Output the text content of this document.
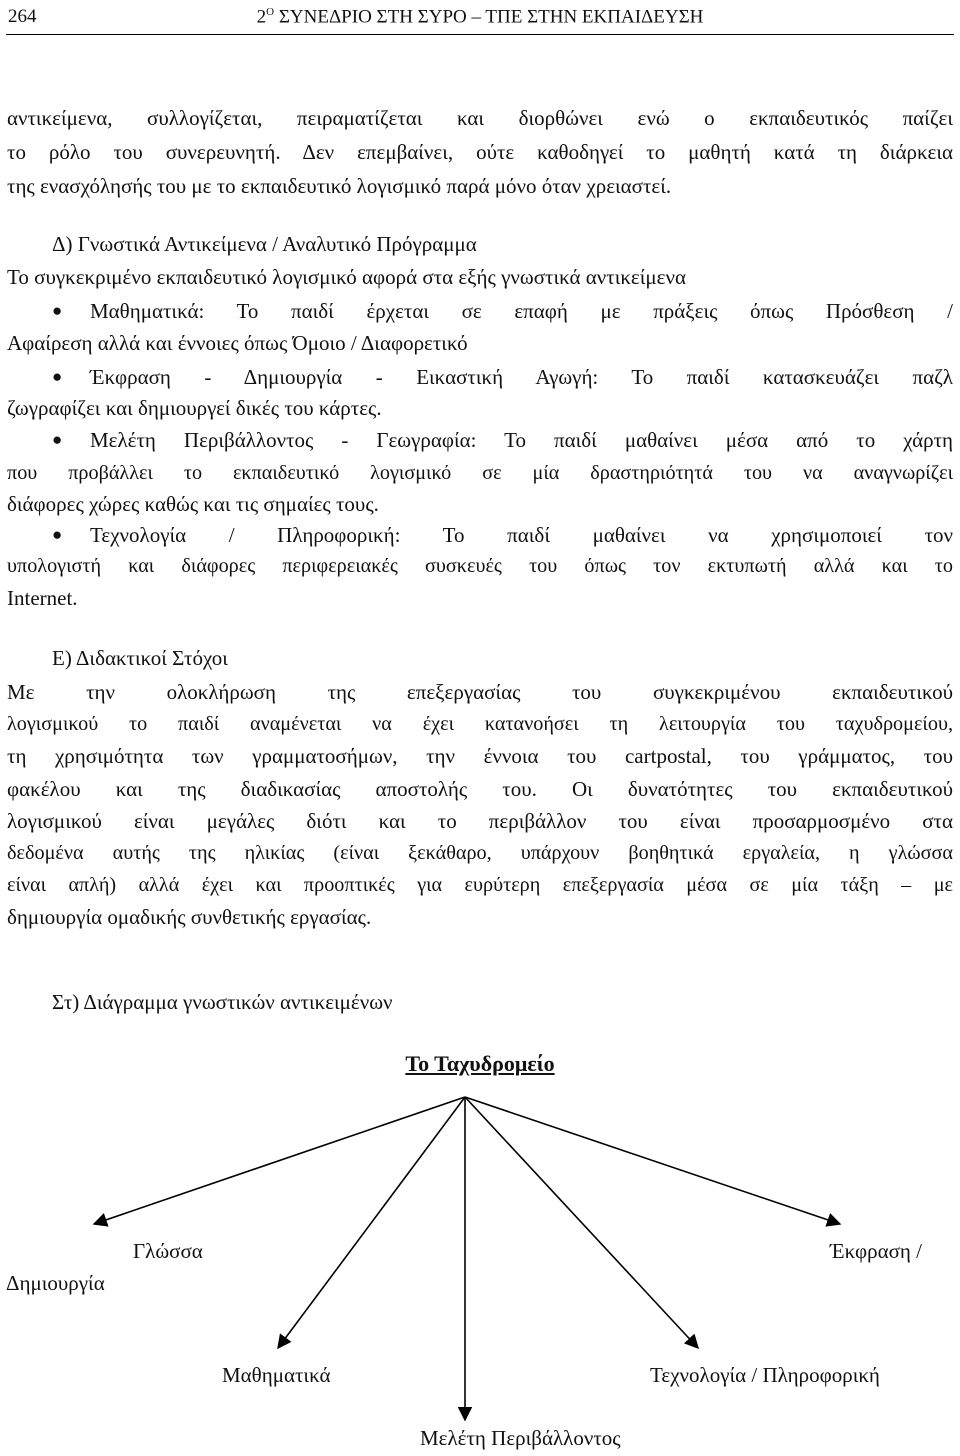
264	$2^O$ ΣΥΝΕΔΡΙΟ ΣΤΗ ΣΥΡΟ – ΤΠΕ ΣΤΗΝ ΕΚΠΑΙΔΕΥΣΗ
αντικείμενα, συλλογίζεται, πειραματίζεται και διορθώνει ενώ ο εκπαιδευτικός παίζει
το ρόλο του συνερευνητή. Δεν επεμβαίνει, ούτε καθοδηγεί το μαθητή κατά τη διάρκεια
της ενασχόλησής του με το εκπαιδευτικό λογισμικό παρά μόνο όταν χρειαστεί.
Δ) Γνωστικά Αντικείμενα / Αναλυτικό Πρόγραμμα
Το συγκεκριμένο εκπαιδευτικό λογισμικό αφορά στα εξής γνωστικά αντικείμενα
● Μαθηματικά: Το παιδί έρχεται σε επαφή με πράξεις όπως Πρόσθεση /
Αφαίρεση αλλά και έννοιες όπως Όμοιο / Διαφορετικό
● Έκφραση - Δημιουργία - Εικαστική Αγωγή: Το παιδί κατασκευάζει παζλ
ζωγραφίζει και δημιουργεί δικές του κάρτες.
● Μελέτη Περιβάλλοντος - Γεωγραφία: Το παιδί μαθαίνει μέσα από το χάρτη
που προβάλλει το εκπαιδευτικό λογισμικό σε μία δραστηριότητά του να αναγνωρίζει
διάφορες χώρες καθώς και τις σημαίες τους.
● Τεχνολογία / Πληροφορική: Το παιδί μαθαίνει να χρησιμοποιεί τον
υπολογιστή και διάφορες περιφερειακές συσκευές του όπως τον εκτυπωτή αλλά και το
Internet.
Ε) Διδακτικοί Στόχοι
Με την ολοκλήρωση της επεξεργασίας του συγκεκριμένου εκπαιδευτικού
λογισμικού το παιδί αναμένεται να έχει κατανοήσει τη λειτουργία του ταχυδρομείου,
τη χρησιμότητα των γραμματοσήμων, την έννοια του cartpostal, του γράμματος, του
φακέλου και της διαδικασίας αποστολής του. Οι δυνατότητες του εκπαιδευτικού
λογισμικού είναι μεγάλες διότι και το περιβάλλον του είναι προσαρμοσμένο στα
δεδομένα αυτής της ηλικίας (είναι ξεκάθαρο, υπάρχουν βοηθητικά εργαλεία, η γλώσσα
είναι απλή) αλλά έχει και προοπτικές για ευρύτερη επεξεργασία μέσα σε μία τάξη – με
δημιουργία ομαδικής συνθετικής εργασίας.
Στ) Διάγραμμα γνωστικών αντικειμένων
Το Ταχυδρομείο
Γλώσσα	Έκφραση /
Δημιουργία
Μαθηματικά	Τεχνολογία / Πληροφορική
Μελέτη Περιβάλλοντος
